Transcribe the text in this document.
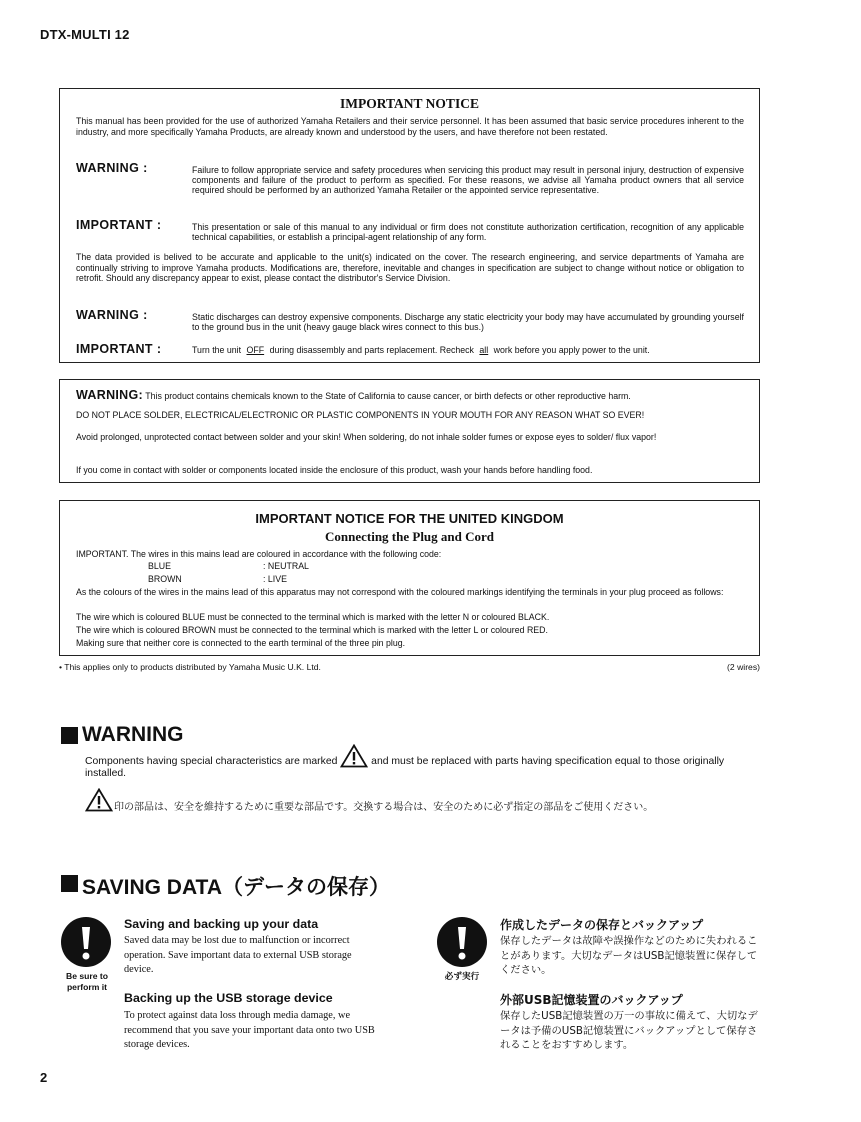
DTX-MULTI 12
IMPORTANT NOTICE
This manual has been provided for the use of authorized Yamaha Retailers and their service personnel. It has been assumed that basic service procedures inherent to the industry, and more specifically Yamaha Products, are already known and understood by the users, and have therefore not been restated.
WARNING :	Failure to follow appropriate service and safety procedures when servicing this product may result in personal injury, destruction of expensive components and failure of the product to perform as specified. For these reasons, we advise all Yamaha product owners that all service required should be performed by an authorized Yamaha Retailer or the appointed service representative.
IMPORTANT :	This presentation or sale of this manual to any individual or firm does not constitute authorization certification, recognition of any applicable technical capabilities, or establish a principal-agent relationship of any form.
The data provided is belived to be accurate and applicable to the unit(s) indicated on the cover. The research engineering, and service departments of Yamaha are continually striving to improve Yamaha products. Modifications are, therefore, inevitable and changes in specification are subject to change without notice or obligation to retrofit. Should any discrepancy appear to exist, please contact the distributor's Service Division.
WARNING :	Static discharges can destroy expensive components. Discharge any static electricity your body may have accumulated by grounding yourself to the ground bus in the unit (heavy gauge black wires connect to this bus.)
IMPORTANT :	Turn the unit OFF during disassembly and parts replacement. Recheck all work before you apply power to the unit.
WARNING: This product contains chemicals known to the State of California to cause cancer, or birth defects or other reproductive harm.
DO NOT PLACE SOLDER, ELECTRICAL/ELECTRONIC OR PLASTIC COMPONENTS IN YOUR MOUTH FOR ANY REASON WHAT SO EVER!
Avoid prolonged, unprotected contact between solder and your skin! When soldering, do not inhale solder fumes or expose eyes to solder/ flux vapor!
If you come in contact with solder or components located inside the enclosure of this product, wash your hands before handling food.
IMPORTANT NOTICE FOR THE UNITED KINGDOM
Connecting the Plug and Cord
IMPORTANT. The wires in this mains lead are coloured in accordance with the following code:
BLUE	: NEUTRAL
BROWN	: LIVE
As the colours of the wires in the mains lead of this apparatus may not correspond with the coloured markings identifying the terminals in your plug proceed as follows:
The wire which is coloured BLUE must be connected to the terminal which is marked with the letter N or coloured BLACK.
The wire which is coloured BROWN must be connected to the terminal which is marked with the letter L or coloured RED.
Making sure that neither core is connected to the earth terminal of the three pin plug.
• This applies only to products distributed by Yamaha Music U.K. Ltd.	(2 wires)
WARNING
Components having special characteristics are marked	and must be replaced with parts having specification equal to those originally installed.
印の部品は、安全を維持するために重要な部品です。交換する場合は、安全のために必ず指定の部品をご使用ください。
SAVING DATA（データの保存）
Be sure to perform it
Saving and backing up your data
Saved data may be lost due to malfunction or incorrect operation. Save important data to external USB storage device.
Backing up the USB storage device
To protect against data loss through media damage, we recommend that you save your important data onto two USB storage devices.
必ず実行
作成したデータの保存とバックアップ
保存したデータは故障や誤操作などのために失われることがあります。大切なデータはUSB記憶装置に保存してください。
外部USB記憶装置のバックアップ
保存したUSB記憶装置の万一の事故に備えて、大切なデータは予備のUSB記憶装置にバックアップとして保存されることをおすすめします。
2
